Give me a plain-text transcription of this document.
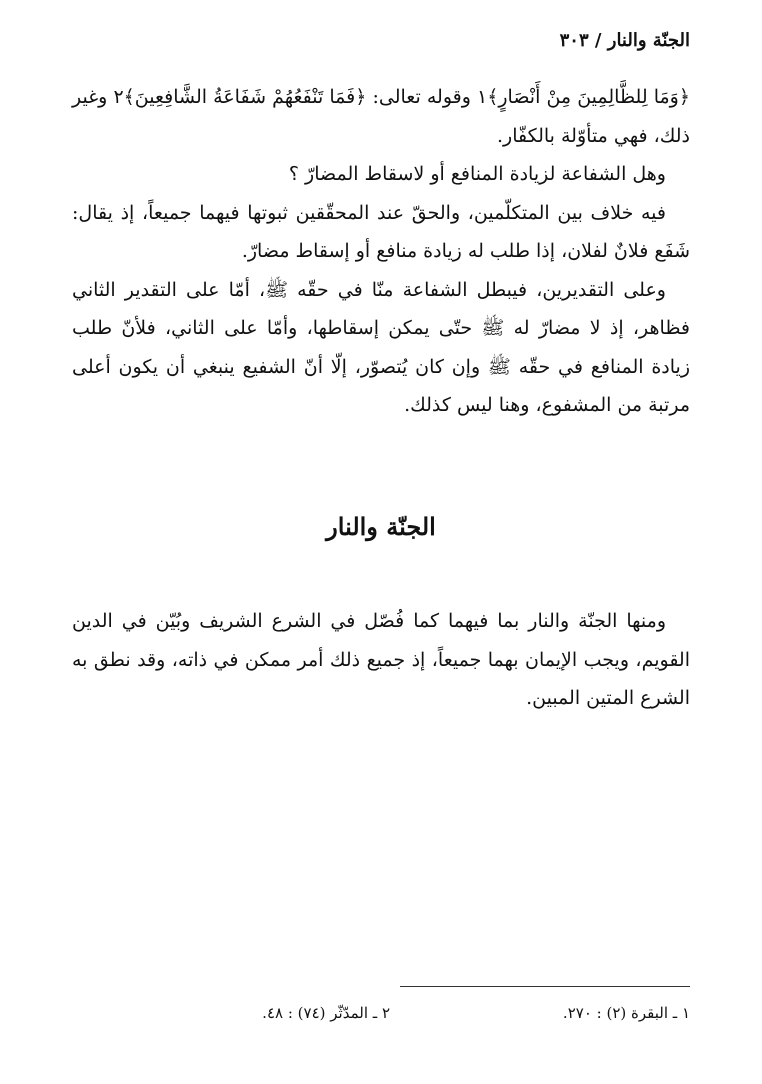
الجنّة والنار / ٣٠٣

﴿وَمَا لِلظَّالِمِينَ مِنْ أَنْصَارٍ﴾١ وقوله تعالى: ﴿فَمَا تَنْفَعُهُمْ شَفَاعَةُ الشَّافِعِينَ﴾٢ وغير ذلك، فهي متأوّلة بالكفّار.

وهل الشفاعة لزيادة المنافع أو لاسقاط المضارّ ؟

فيه خلاف بين المتكلّمين، والحقّ عند المحقّقين ثبوتها فيهما جميعاً، إذ يقال: شَفَع فلانٌ لفلان، إذا طلب له زيادة منافع أو إسقاط مضارّ.

وعلى التقديرين، فيبطل الشفاعة منّا في حقّه ﷺ، أمّا على التقدير الثاني فظاهر، إذ لا مضارّ له ﷺ حتّى يمكن إسقاطها، وأمّا على الثاني، فلأنّ طلب زيادة المنافع في حقّه ﷺ وإن كان يُتصوّر، إلّا أنّ الشفيع ينبغي أن يكون أعلى مرتبة من المشفوع، وهنا ليس كذلك.

الجنّة والنار

ومنها الجنّة والنار بما فيهما كما فُصّل في الشرع الشريف وبُيّن في الدين القويم، ويجب الإيمان بهما جميعاً، إذ جميع ذلك أمر ممكن في ذاته، وقد نطق به الشرع المتين المبين.

١ ـ البقرة (٢) : ٢٧٠.
٢ ـ المدّثّر (٧٤) : ٤٨.
